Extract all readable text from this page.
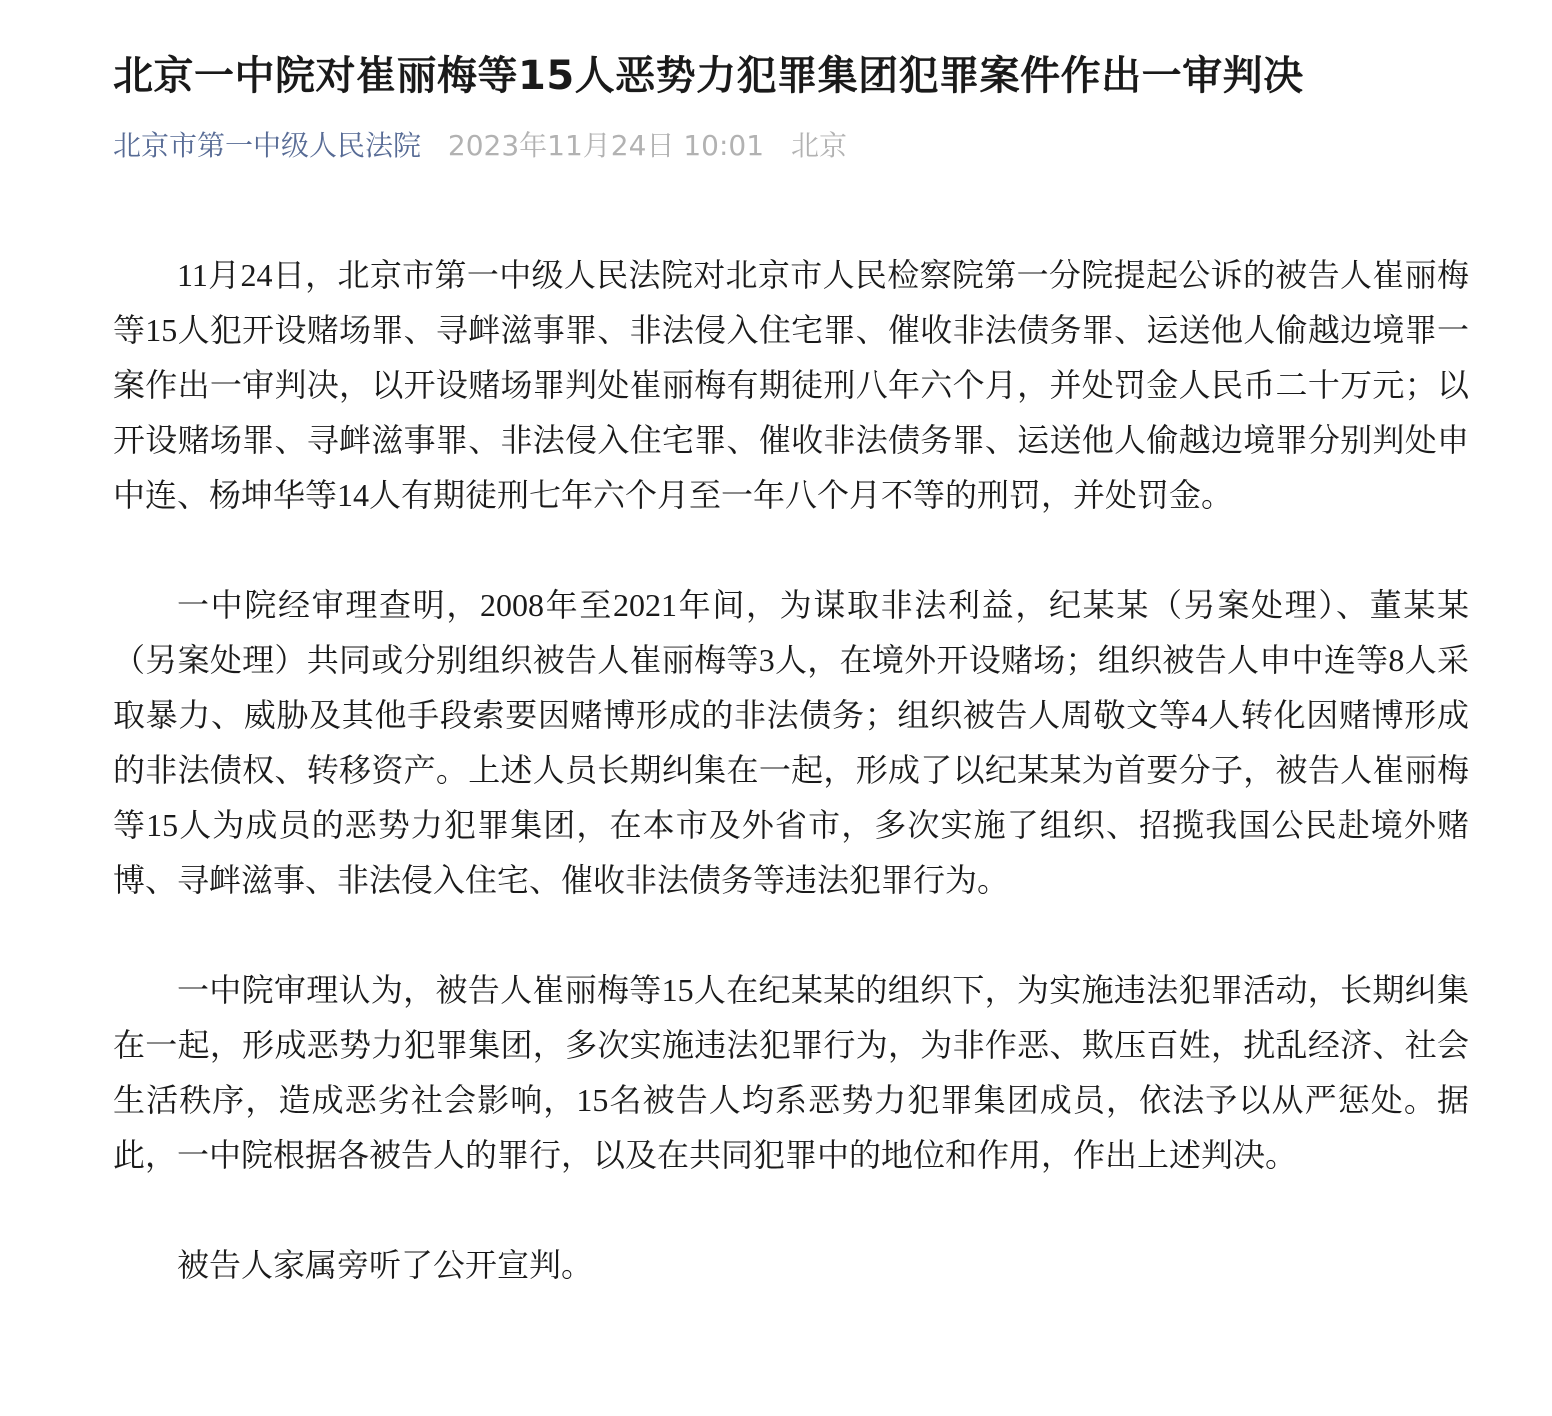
北京一中院对崔丽梅等15人恶势力犯罪集团犯罪案件作出一审判决
北京市第一中级人民法院 2023年11月24日 10:01 北京

11月24日，北京市第一中级人民法院对北京市人民检察院第一分院提起公诉的被告人崔丽梅等15人犯开设赌场罪、寻衅滋事罪、非法侵入住宅罪、催收非法债务罪、运送他人偷越边境罪一案作出一审判决，以开设赌场罪判处崔丽梅有期徒刑八年六个月，并处罚金人民币二十万元；以开设赌场罪、寻衅滋事罪、非法侵入住宅罪、催收非法债务罪、运送他人偷越边境罪分别判处申中连、杨坤华等14人有期徒刑七年六个月至一年八个月不等的刑罚，并处罚金。

一中院经审理查明，2008年至2021年间，为谋取非法利益，纪某某（另案处理）、董某某（另案处理）共同或分别组织被告人崔丽梅等3人，在境外开设赌场；组织被告人申中连等8人采取暴力、威胁及其他手段索要因赌博形成的非法债务；组织被告人周敬文等4人转化因赌博形成的非法债权、转移资产。上述人员长期纠集在一起，形成了以纪某某为首要分子，被告人崔丽梅等15人为成员的恶势力犯罪集团，在本市及外省市，多次实施了组织、招揽我国公民赴境外赌博、寻衅滋事、非法侵入住宅、催收非法债务等违法犯罪行为。

一中院审理认为，被告人崔丽梅等15人在纪某某的组织下，为实施违法犯罪活动，长期纠集在一起，形成恶势力犯罪集团，多次实施违法犯罪行为，为非作恶、欺压百姓，扰乱经济、社会生活秩序，造成恶劣社会影响，15名被告人均系恶势力犯罪集团成员，依法予以从严惩处。据此，一中院根据各被告人的罪行，以及在共同犯罪中的地位和作用，作出上述判决。

被告人家属旁听了公开宣判。
